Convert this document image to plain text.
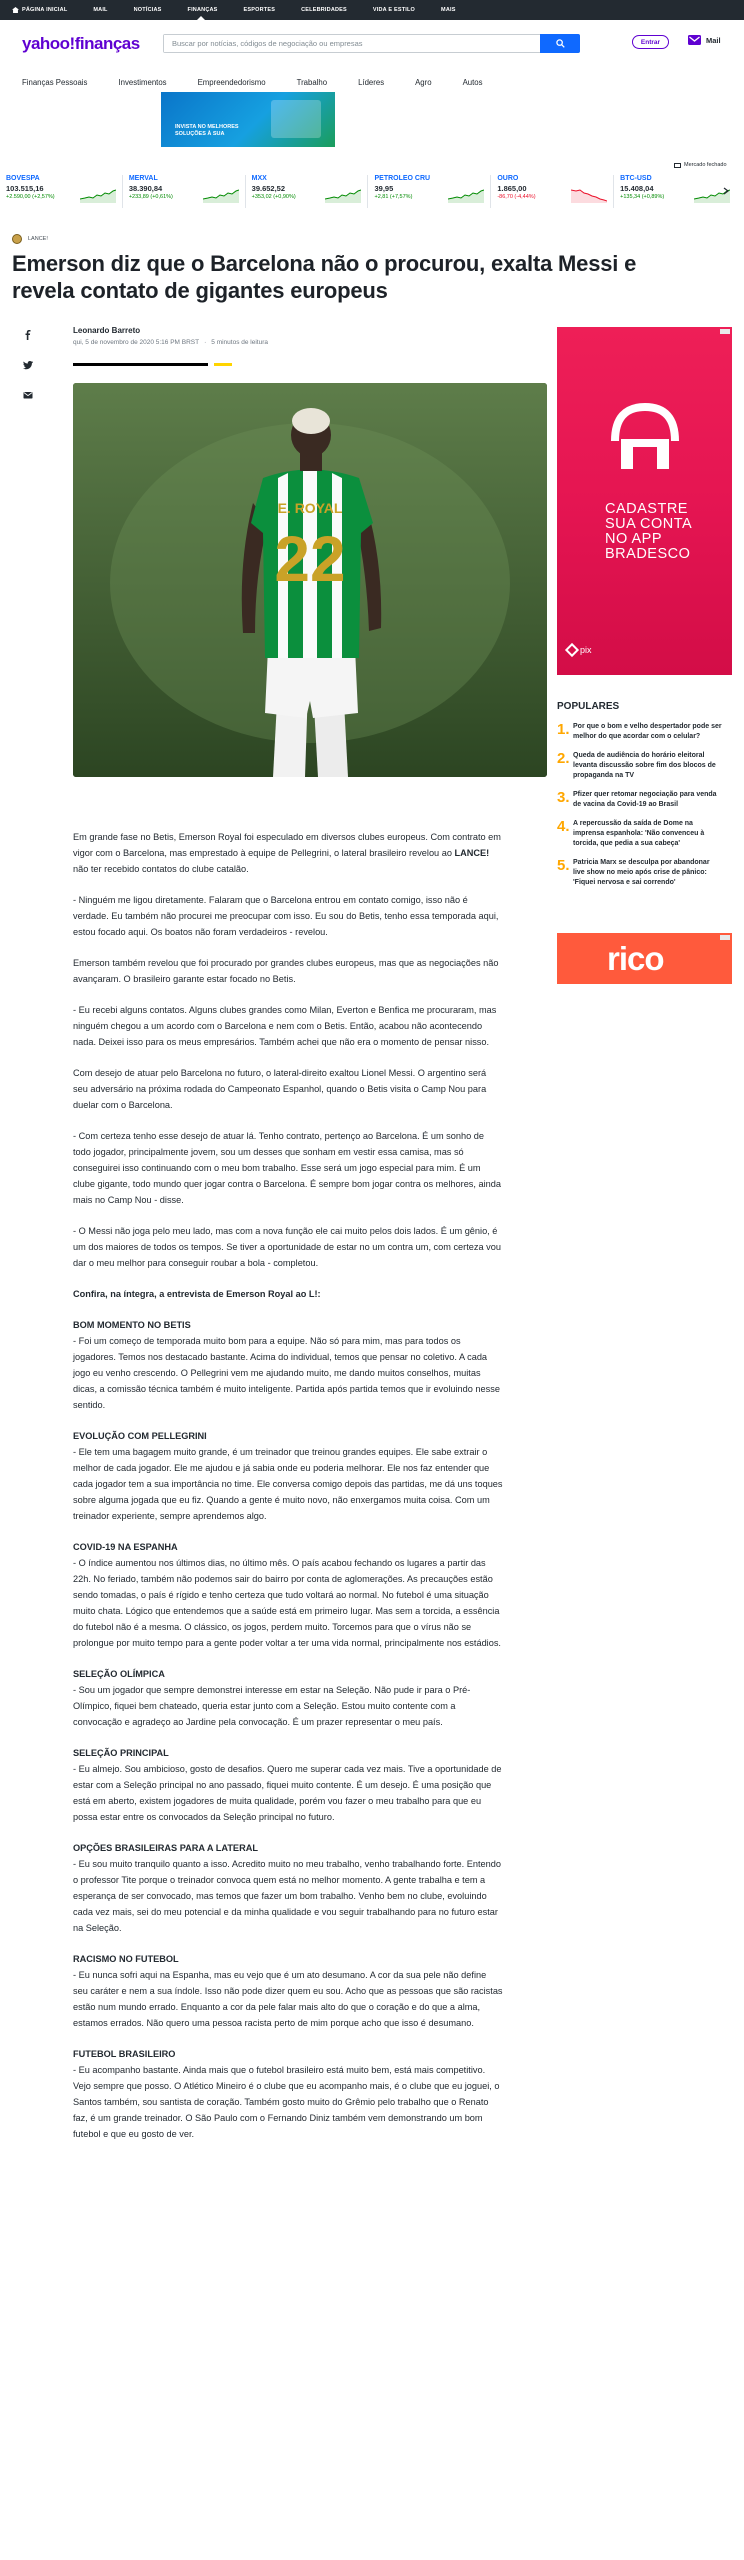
PÁGINA INICIAL	MAIL	NOTÍCIAS	FINANÇAS	ESPORTES	CELEBRIDADES	VIDA E ESTILO	MAIS
yahoo!finanças
Buscar por notícias, códigos de negociação ou empresas	Entrar	Mail
Finanças Pessoais	Investimentos	Empreendedorismo	Trabalho	Líderes	Agro	Autos
INVISTA NO MELHORES SOLUÇÕES À SUA
Mercado fechado
BOVESPA
103.515,16
+2.590,00 (+2,57%)
MERVAL
38.390,84
+233,89 (+0,61%)
MXX
39.652,52
+353,02 (+0,90%)
PETROLEO CRU
39,95
+2,81 (+7,57%)
OURO
1.865,00
-86,70 (-4,44%)
BTC-USD
15.408,04
+135,34 (+0,89%)
LANCE!
Emerson diz que o Barcelona não o procurou, exalta Messi e revela contato de gigantes europeus
Leonardo Barreto
qui, 5 de novembro de 2020 5:16 PM BRST · 5 minutos de leitura
E. ROYAL
22

Em grande fase no Betis, Emerson Royal foi especulado em diversos clubes europeus. Com contrato em vigor com o Barcelona, mas emprestado à equipe de Pellegrini, o lateral brasileiro revelou ao LANCE! não ter recebido contatos do clube catalão.

- Ninguém me ligou diretamente. Falaram que o Barcelona entrou em contato comigo, isso não é verdade. Eu também não procurei me preocupar com isso. Eu sou do Betis, tenho essa temporada aqui, estou focado aqui. Os boatos não foram verdadeiros - revelou.

Emerson também revelou que foi procurado por grandes clubes europeus, mas que as negociações não avançaram. O brasileiro garante estar focado no Betis.

- Eu recebi alguns contatos. Alguns clubes grandes como Milan, Everton e Benfica me procuraram, mas ninguém chegou a um acordo com o Barcelona e nem com o Betis. Então, acabou não acontecendo nada. Deixei isso para os meus empresários. Também achei que não era o momento de pensar nisso.

Com desejo de atuar pelo Barcelona no futuro, o lateral-direito exaltou Lionel Messi. O argentino será seu adversário na próxima rodada do Campeonato Espanhol, quando o Betis visita o Camp Nou para duelar com o Barcelona.

- Com certeza tenho esse desejo de atuar lá. Tenho contrato, pertenço ao Barcelona. É um sonho de todo jogador, principalmente jovem, sou um desses que sonham em vestir essa camisa, mas só conseguirei isso continuando com o meu bom trabalho. Esse será um jogo especial para mim. É um clube gigante, todo mundo quer jogar contra o Barcelona. É sempre bom jogar contra os melhores, ainda mais no Camp Nou - disse.

- O Messi não joga pelo meu lado, mas com a nova função ele cai muito pelos dois lados. É um gênio, é um dos maiores de todos os tempos. Se tiver a oportunidade de estar no um contra um, com certeza vou dar o meu melhor para conseguir roubar a bola - completou.

Confira, na íntegra, a entrevista de Emerson Royal ao L!:

BOM MOMENTO NO BETIS

- Foi um começo de temporada muito bom para a equipe. Não só para mim, mas para todos os jogadores. Temos nos destacado bastante. Acima do individual, temos que pensar no coletivo. A cada jogo eu venho crescendo. O Pellegrini vem me ajudando muito, me dando muitos conselhos, muitas dicas, a comissão técnica também é muito inteligente. Partida após partida temos que ir evoluindo nesse sentido.

EVOLUÇÃO COM PELLEGRINI

- Ele tem uma bagagem muito grande, é um treinador que treinou grandes equipes. Ele sabe extrair o melhor de cada jogador. Ele me ajudou e já sabia onde eu poderia melhorar. Ele nos faz entender que cada jogador tem a sua importância no time. Ele conversa comigo depois das partidas, me dá uns toques sobre alguma jogada que eu fiz. Quando a gente é muito novo, não enxergamos muita coisa. Com um treinador experiente, sempre aprendemos algo.

COVID-19 NA ESPANHA

- O índice aumentou nos últimos dias, no último mês. O país acabou fechando os lugares a partir das 22h. No feriado, também não podemos sair do bairro por conta de aglomerações. As precauções estão sendo tomadas, o país é rígido e tenho certeza que tudo voltará ao normal. No futebol é uma situação muito chata. Lógico que entendemos que a saúde está em primeiro lugar. Mas sem a torcida, a essência do futebol não é a mesma. O clássico, os jogos, perdem muito. Torcemos para que o vírus não se prolongue por muito tempo para a gente poder voltar a ter uma vida normal, principalmente nos estádios.

SELEÇÃO OLÍMPICA

- Sou um jogador que sempre demonstrei interesse em estar na Seleção. Não pude ir para o Pré-Olímpico, fiquei bem chateado, queria estar junto com a Seleção. Estou muito contente com a convocação e agradeço ao Jardine pela convocação. É um prazer representar o meu país.

SELEÇÃO PRINCIPAL

- Eu almejo. Sou ambicioso, gosto de desafios. Quero me superar cada vez mais. Tive a oportunidade de estar com a Seleção principal no ano passado, fiquei muito contente. É um desejo. É uma posição que está em aberto, existem jogadores de muita qualidade, porém vou fazer o meu trabalho para que eu possa estar entre os convocados da Seleção principal no futuro.

OPÇÕES BRASILEIRAS PARA A LATERAL

- Eu sou muito tranquilo quanto a isso. Acredito muito no meu trabalho, venho trabalhando forte. Entendo o professor Tite porque o treinador convoca quem está no melhor momento. A gente trabalha e tem a esperança de ser convocado, mas temos que fazer um bom trabalho. Venho bem no clube, evoluindo cada vez mais, sei do meu potencial e da minha qualidade e vou seguir trabalhando para no futuro estar na Seleção.

RACISMO NO FUTEBOL

- Eu nunca sofri aqui na Espanha, mas eu vejo que é um ato desumano. A cor da sua pele não define seu caráter e nem a sua índole. Isso não pode dizer quem eu sou. Acho que as pessoas que são racistas estão num mundo errado. Enquanto a cor da pele falar mais alto do que o coração e do que a alma, estamos errados. Não quero uma pessoa racista perto de mim porque acho que isso é desumano.

FUTEBOL BRASILEIRO

- Eu acompanho bastante. Ainda mais que o futebol brasileiro está muito bem, está mais competitivo. Vejo sempre que posso. O Atlético Mineiro é o clube que eu acompanho mais, é o clube que eu joguei, o Santos também, sou santista de coração. Também gosto muito do Grêmio pelo trabalho que o Renato faz, é um grande treinador. O São Paulo com o Fernando Diniz também vem demonstrando um bom futebol e que eu gosto de ver.

CADASTRE SUA CONTA NO APP BRADESCO
pix
POPULARES
1. Por que o bom e velho despertador pode ser melhor do que acordar com o celular?
2. Queda de audiência do horário eleitoral levanta discussão sobre fim dos blocos de propaganda na TV
3. Pfizer quer retomar negociação para venda de vacina da Covid-19 ao Brasil
4. A repercussão da saída de Dome na imprensa espanhola: 'Não convenceu à torcida, que pedia a sua cabeça'
5. Patricia Marx se desculpa por abandonar live show no meio após crise de pânico: 'Fiquei nervosa e sai correndo'
rico
